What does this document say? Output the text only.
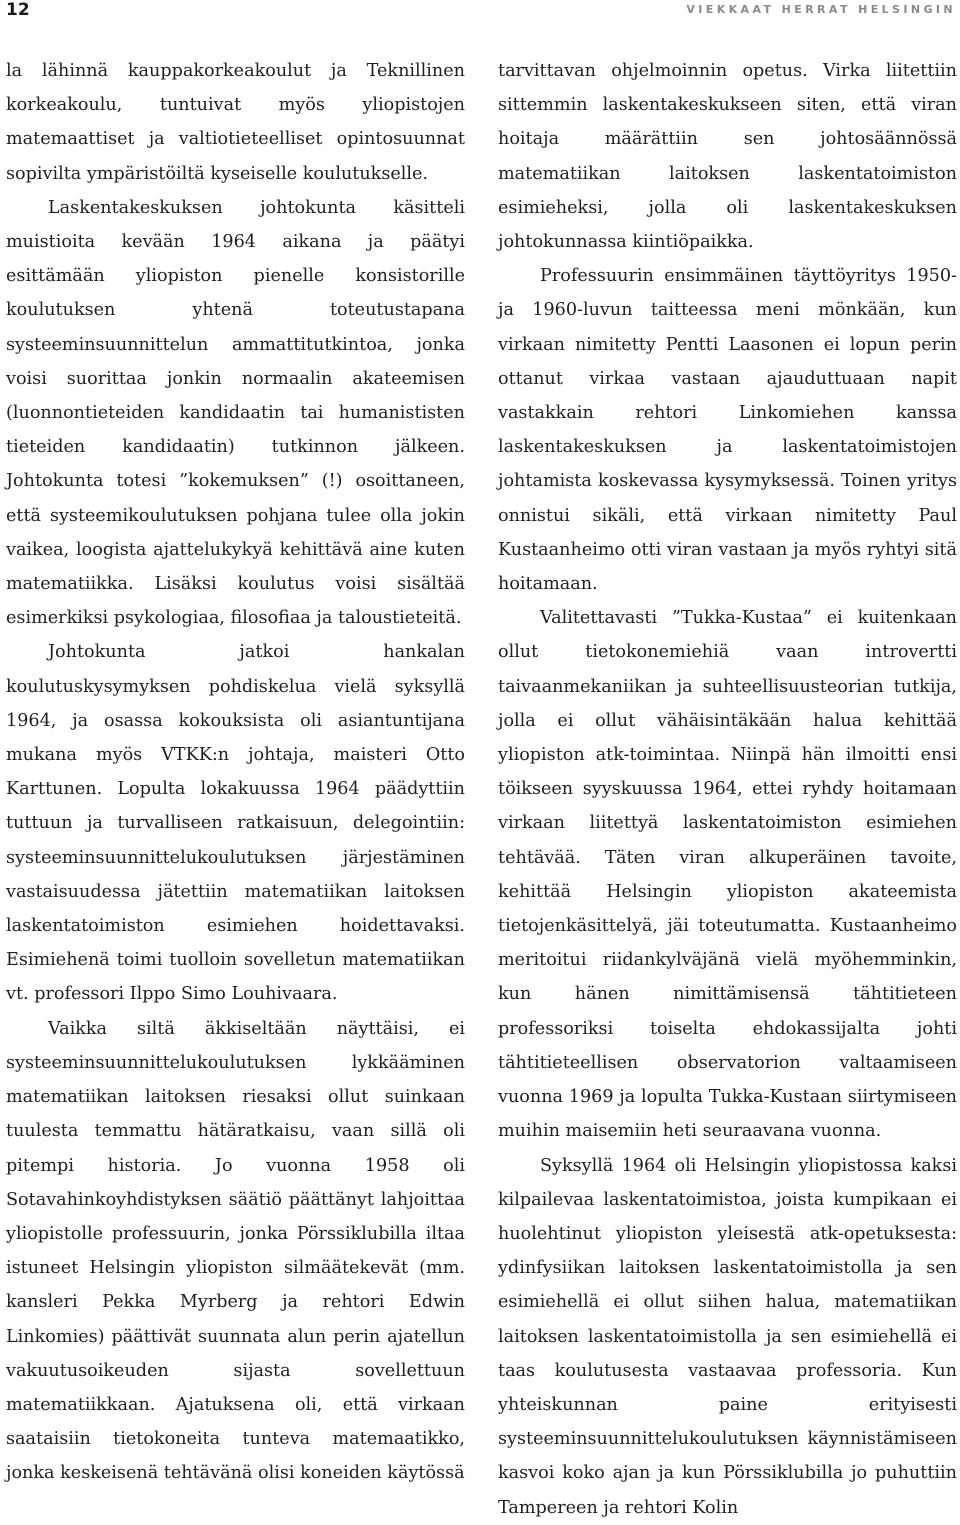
12	VIEKKAAT HERRAT HELSINGIN

la lähinnä kauppakorkeakoulut ja Teknillinen korkeakoulu, tuntuivat myös yliopistojen matemaattiset ja valtiotieteelliset opintosuunnat sopivilta ympäristöiltä kyseiselle koulutukselle.

Laskentakeskuksen johtokunta käsitteli muistioita kevään 1964 aikana ja päätyi esittämään yliopiston pienelle konsistorille koulutuksen yhtenä toteutustapana systeeminsuunnittelun ammattitutkintoa, jonka voisi suorittaa jonkin normaalin akateemisen (luonnontieteiden kandidaatin tai humanististen tieteiden kandidaatin) tutkinnon jälkeen. Johtokunta totesi ”kokemuksen” (!) osoittaneen, että systeemikoulutuksen pohjana tulee olla jokin vaikea, loogista ajattelukykyä kehittävä aine kuten matematiikka. Lisäksi koulutus voisi sisältää esimerkiksi psykologiaa, filosofiaa ja taloustieteitä.

Johtokunta jatkoi hankalan koulutuskysymyksen pohdiskelua vielä syksyllä 1964, ja osassa kokouksista oli asiantuntijana mukana myös VTKK:n johtaja, maisteri Otto Karttunen. Lopulta lokakuussa 1964 päädyttiin tuttuun ja turvalliseen ratkaisuun, delegointiin: systeeminsuunnittelukoulutuksen järjestäminen vastaisuudessa jätettiin matematiikan laitoksen laskentatoimiston esimiehen hoidettavaksi. Esimiehenä toimi tuolloin sovelletun matematiikan vt. professori Ilppo Simo Louhivaara.

Vaikka siltä äkkiseltään näyttäisi, ei systeeminsuunnittelukoulutuksen lykkääminen matematiikan laitoksen riesaksi ollut suinkaan tuulesta temmattu hätäratkaisu, vaan sillä oli pitempi historia. Jo vuonna 1958 oli Sotavahinkoyhdistyksen säätiö päättänyt lahjoittaa yliopistolle professuurin, jonka Pörssiklubilla iltaa istuneet Helsingin yliopiston silmäätekevät (mm. kansleri Pekka Myrberg ja rehtori Edwin Linkomies) päättivät suunnata alun perin ajatellun vakuutusoikeuden sijasta sovellettuun matematiikkaan. Ajatuksena oli, että virkaan saataisiin tietokoneita tunteva matemaatikko, jonka keskeisenä tehtävänä olisi koneiden käytössä

tarvittavan ohjelmoinnin opetus. Virka liitettiin sittemmin laskentakeskukseen siten, että viran hoitaja määrättiin sen johtosäännössä matematiikan laitoksen laskentatoimiston esimieheksi, jolla oli laskentakeskuksen johtokunnassa kiintiöpaikka.

Professuurin ensimmäinen täyttöyritys 1950- ja 1960-luvun taitteessa meni mönkään, kun virkaan nimitetty Pentti Laasonen ei lopun perin ottanut virkaa vastaan ajauduttuaan napit vastakkain rehtori Linkomiehen kanssa laskentakeskuksen ja laskentatoimistojen johtamista koskevassa kysymyksessä. Toinen yritys onnistui sikäli, että virkaan nimitetty Paul Kustaanheimo otti viran vastaan ja myös ryhtyi sitä hoitamaan.

Valitettavasti ”Tukka-Kustaa” ei kuitenkaan ollut tietokonemiehiä vaan introvertti taivaanmekaniikan ja suhteellisuusteorian tutkija, jolla ei ollut vähäisintäkään halua kehittää yliopiston atk-toimintaa. Niinpä hän ilmoitti ensi töikseen syyskuussa 1964, ettei ryhdy hoitamaan virkaan liitettyä laskentatoimiston esimiehen tehtävää. Täten viran alkuperäinen tavoite, kehittää Helsingin yliopiston akateemista tietojenkäsittelyä, jäi toteutumatta. Kustaanheimo meritoitui riidankylväjänä vielä myöhemminkin, kun hänen nimittämisensä tähtitieteen professoriksi toiselta ehdokassijalta johti tähtitieteellisen observatorion valtaamiseen vuonna 1969 ja lopulta Tukka-Kustaan siirtymiseen muihin maisemiin heti seuraavana vuonna.

Syksyllä 1964 oli Helsingin yliopistossa kaksi kilpailevaa laskentatoimistoa, joista kumpikaan ei huolehtinut yliopiston yleisestä atk-opetuksesta: ydinfysiikan laitoksen laskentatoimistolla ja sen esimiehellä ei ollut siihen halua, matematiikan laitoksen laskentatoimistolla ja sen esimiehellä ei taas koulutusesta vastaavaa professoria. Kun yhteiskunnan paine erityisesti systeeminsuunnittelukoulutuksen käynnistämiseen kasvoi koko ajan ja kun Pörssiklubilla jo puhuttiin Tampereen ja rehtori Kolin
